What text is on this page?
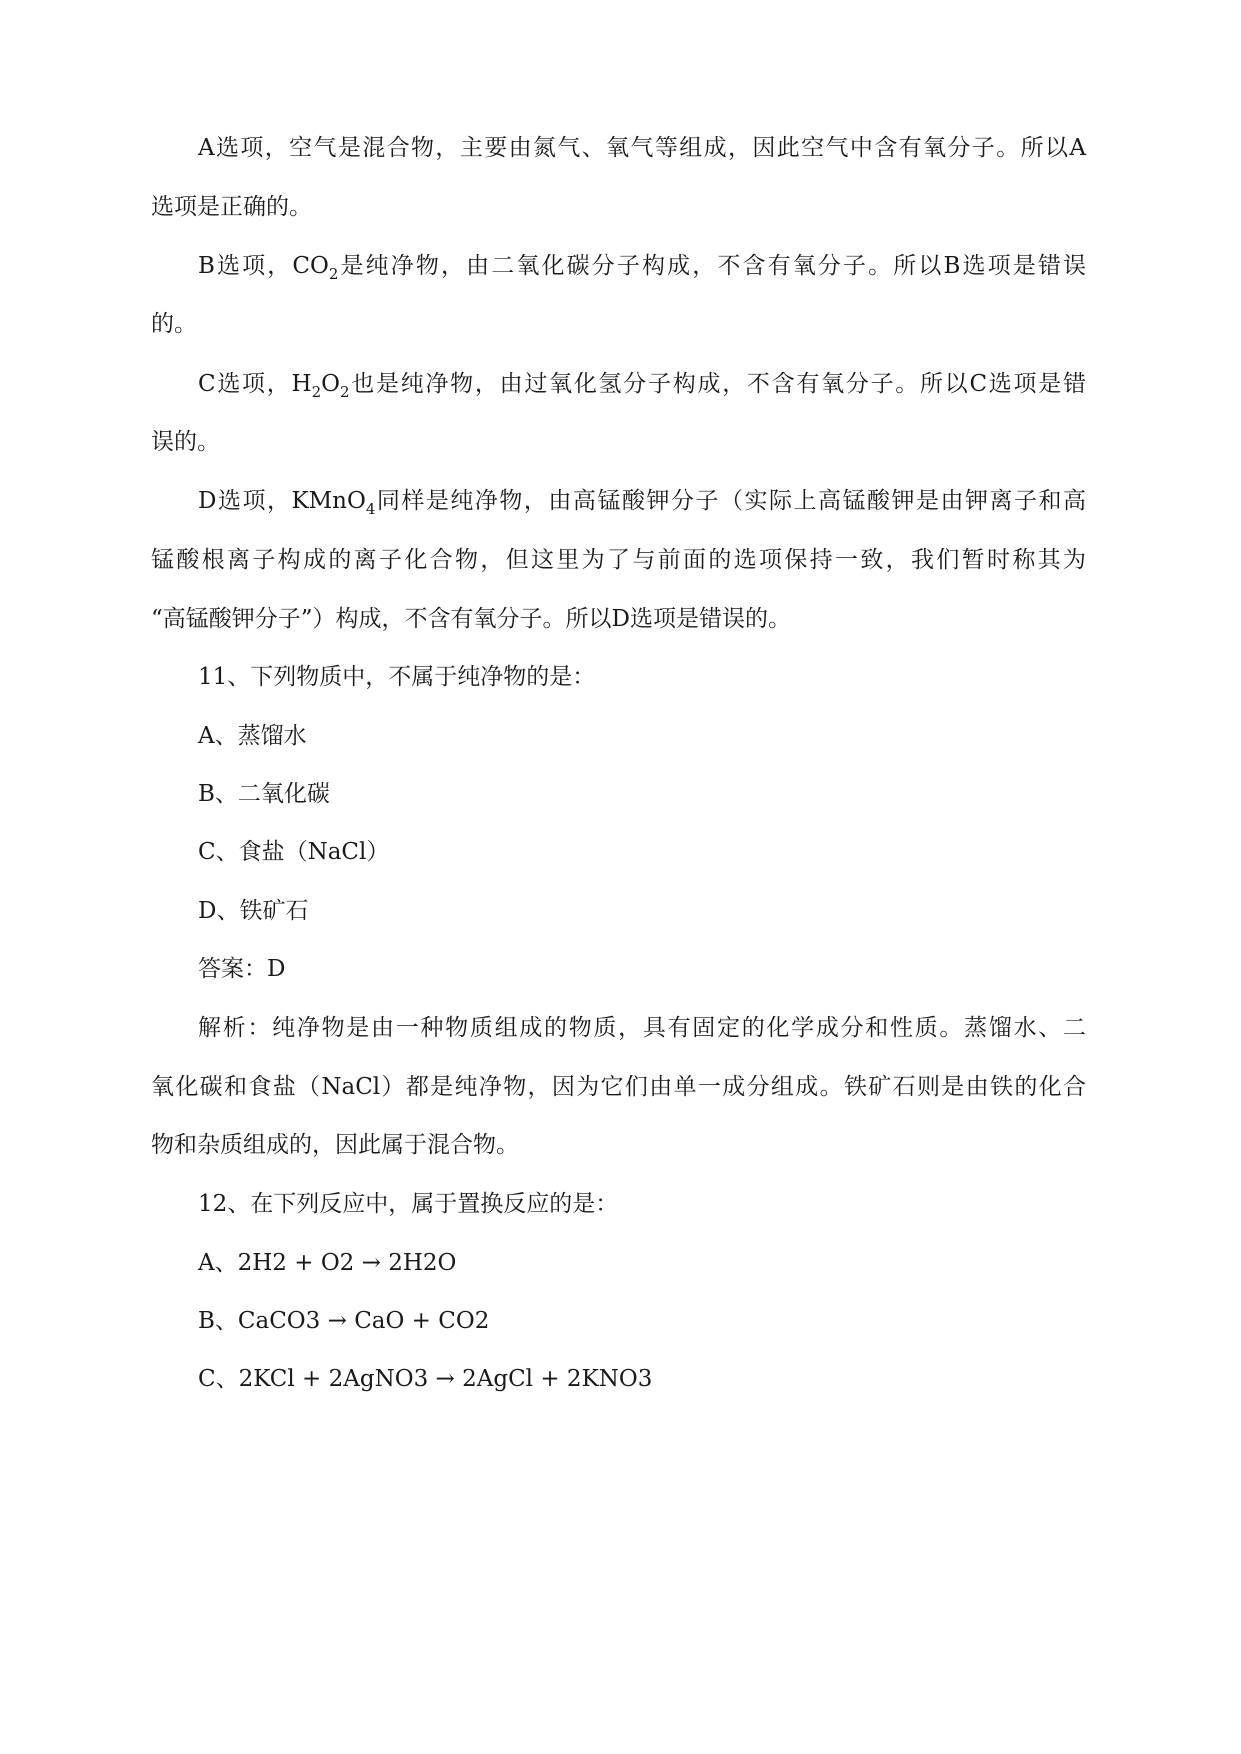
A选项，空气是混合物，主要由氮气、氧气等组成，因此空气中含有氧分子。所以A
选项是正确的。
B选项，$CO_2$是纯净物，由二氧化碳分子构成，不含有氧分子。所以B选项是错误
的。
C选项，$H_2O_2$也是纯净物，由过氧化氢分子构成，不含有氧分子。所以C选项是错
误的。
D选项，KMnO$_4$同样是纯净物，由高锰酸钾分子（实际上高锰酸钾是由钾离子和高
锰酸根离子构成的离子化合物，但这里为了与前面的选项保持一致，我们暂时称其为
“高锰酸钾分子”）构成，不含有氧分子。所以D选项是错误的。
11、下列物质中，不属于纯净物的是：
A、蒸馏水
B、二氧化碳
C、食盐（NaCl）
D、铁矿石
答案：D
解析：纯净物是由一种物质组成的物质，具有固定的化学成分和性质。蒸馏水、二
氧化碳和食盐（NaCl）都是纯净物，因为它们由单一成分组成。铁矿石则是由铁的化合
物和杂质组成的，因此属于混合物。
12、在下列反应中，属于置换反应的是：
A、2H2 + O2 → 2H2O
B、CaCO3 → CaO + CO2
C、2KCl + 2AgNO3 → 2AgCl + 2KNO3
